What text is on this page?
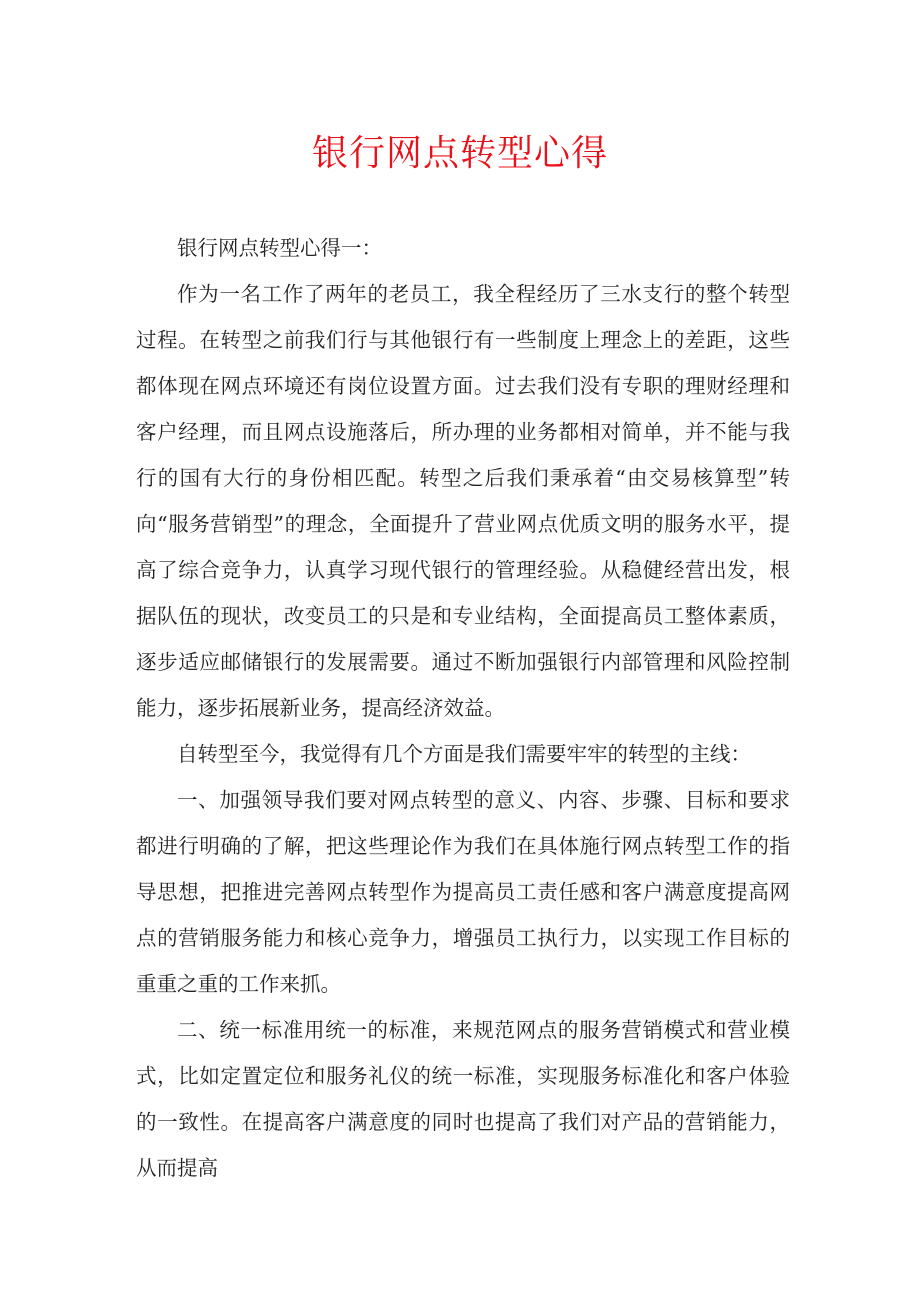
银行网点转型心得

银行网点转型心得一：

作为一名工作了两年的老员工，我全程经历了三水支行的整个转型过程。在转型之前我们行与其他银行有一些制度上理念上的差距，这些都体现在网点环境还有岗位设置方面。过去我们没有专职的理财经理和客户经理，而且网点设施落后，所办理的业务都相对简单，并不能与我行的国有大行的身份相匹配。转型之后我们秉承着“由交易核算型”转向“服务营销型”的理念，全面提升了营业网点优质文明的服务水平，提高了综合竞争力，认真学习现代银行的管理经验。从稳健经营出发，根据队伍的现状，改变员工的只是和专业结构，全面提高员工整体素质，逐步适应邮储银行的发展需要。通过不断加强银行内部管理和风险控制能力，逐步拓展新业务，提高经济效益。

自转型至今，我觉得有几个方面是我们需要牢牢的转型的主线：

一、加强领导我们要对网点转型的意义、内容、步骤、目标和要求都进行明确的了解，把这些理论作为我们在具体施行网点转型工作的指导思想，把推进完善网点转型作为提高员工责任感和客户满意度提高网点的营销服务能力和核心竞争力，增强员工执行力，以实现工作目标的重重之重的工作来抓。

二、统一标准用统一的标准，来规范网点的服务营销模式和营业模式，比如定置定位和服务礼仪的统一标准，实现服务标准化和客户体验的一致性。在提高客户满意度的同时也提高了我们对产品的营销能力，从而提高
